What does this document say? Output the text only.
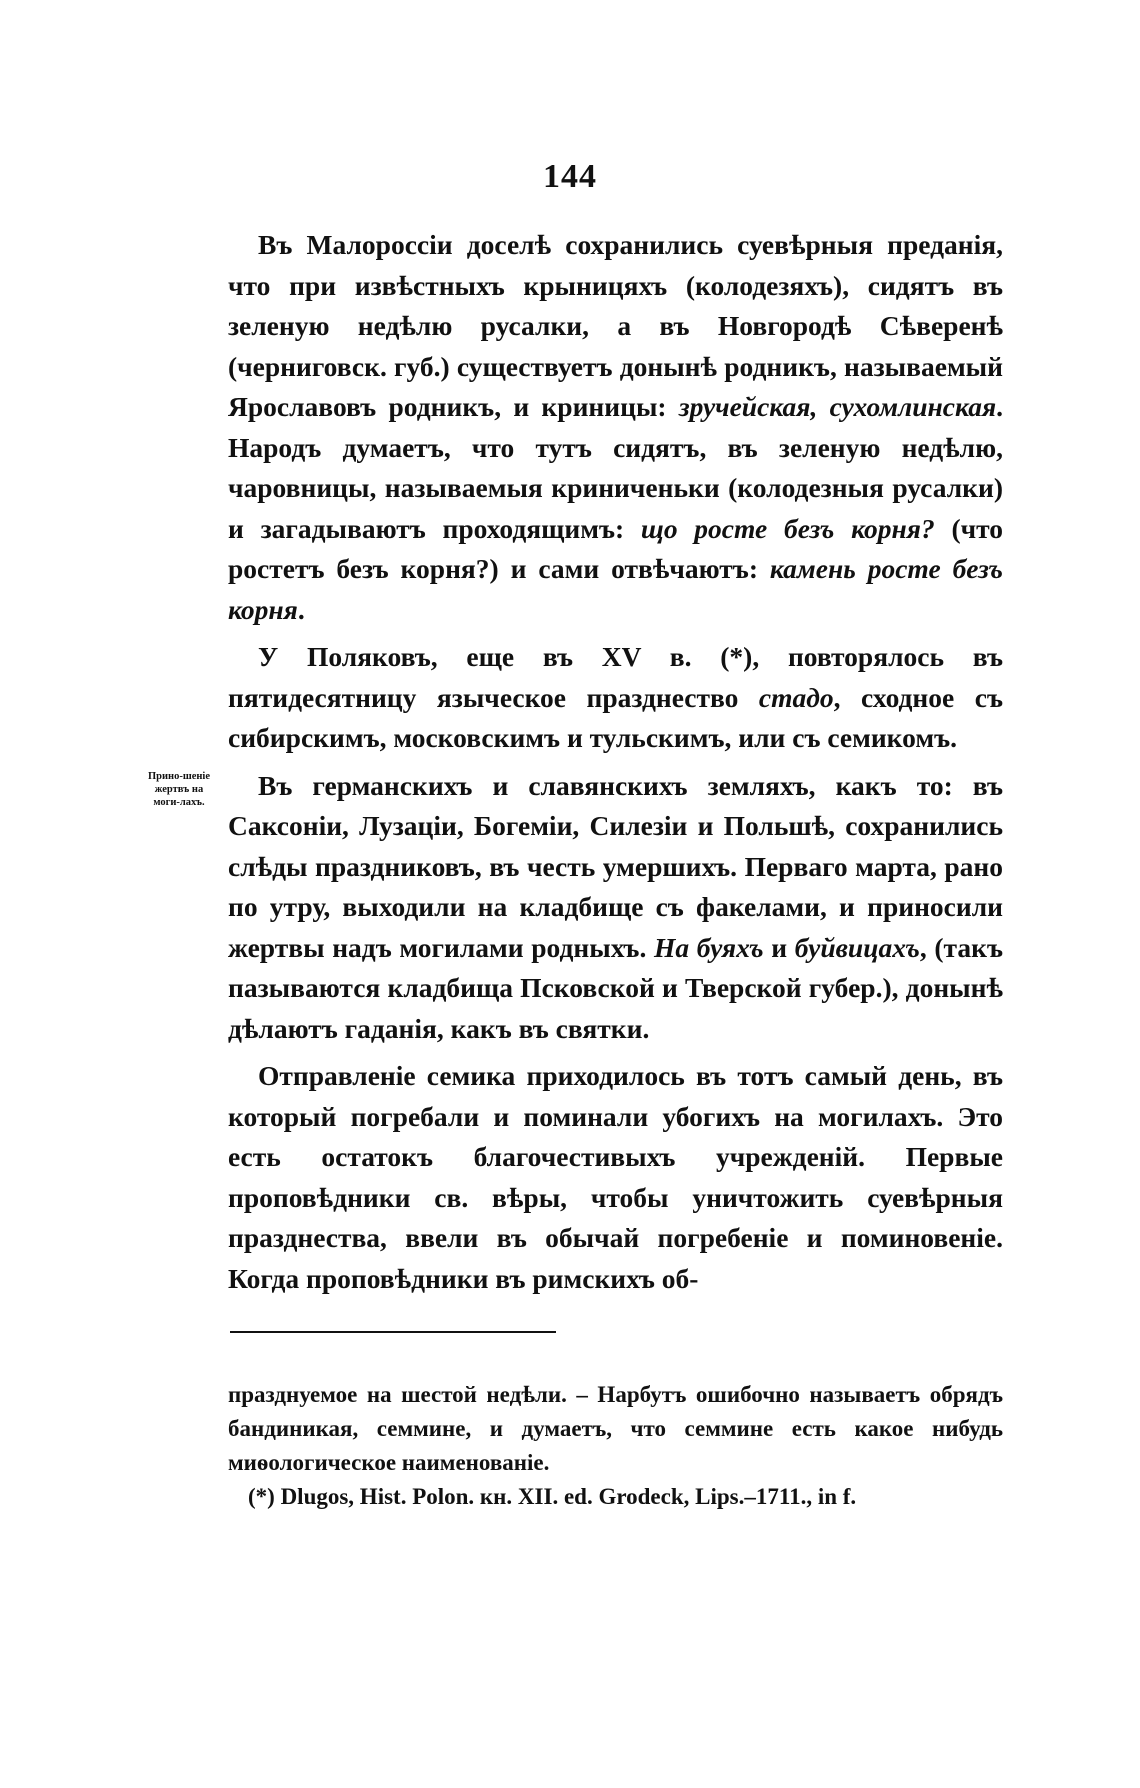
144

Въ Малороссіи доселѣ сохранились суевѣрныя преданія, что при извѣстныхъ крыницяхъ (колодезяхъ), сидятъ въ зеленую недѣлю русалки, а въ Новгородѣ Сѣверенѣ (черниговск. губ.) существуетъ донынѣ родникъ, называемый Ярославовъ родникъ, и криницы: зручейская, сухомлинская. Народъ думаетъ, что тутъ сидятъ, въ зеленую недѣлю, чаровницы, называемыя криниченьки (колодезныя русалки) и загадываютъ проходящимъ: що росте безъ корня? (что ростетъ безъ корня?) и сами отвѣчаютъ: камень росте безъ корня.

У Поляковъ, еще въ XV в. (*), повторялось въ пятидесятницу языческое празднество стадо, сходное съ сибирскимъ, московскимъ и тульскимъ, или съ семикомъ.

Въ германскихъ и славянскихъ земляхъ, какъ то: въ Саксоніи, Лузаціи, Богеміи, Силезіи и Польшѣ, сохранились слѣды праздниковъ, въ честь умершихъ. Перваго марта, рано по утру, выходили на кладбище съ факелами, и приносили жертвы надъ могилами родныхъ. На буяхъ и буйвицахъ, (такъ пазываются кладбища Псковской и Тверской губер.), донынѣ дѣлаютъ гаданія, какъ въ святки.

Отправленіе семика приходилось въ тотъ самый день, въ который погребали и поминали убогихъ на могилахъ. Это есть остатокъ благочестивыхъ учрежденій. Первые проповѣдники св. вѣры, чтобы уничтожить суевѣрныя празднества, ввели въ обычай погребеніе и поминовеніе. Когда проповѣдники въ римскихъ об-

Прино-шеніе жертвъ на моги-лахъ.

празднуемое на шестой недѣли. – Нарбутъ ошибочно называетъ обрядъ бандиникая, семмине, и думаетъ, что семмине есть какое нибудь миѳологическое наименованіе.

(*) Dlugos, Hist. Polon. кн. XII. ed. Grodeck, Lips.–1711., in f.
